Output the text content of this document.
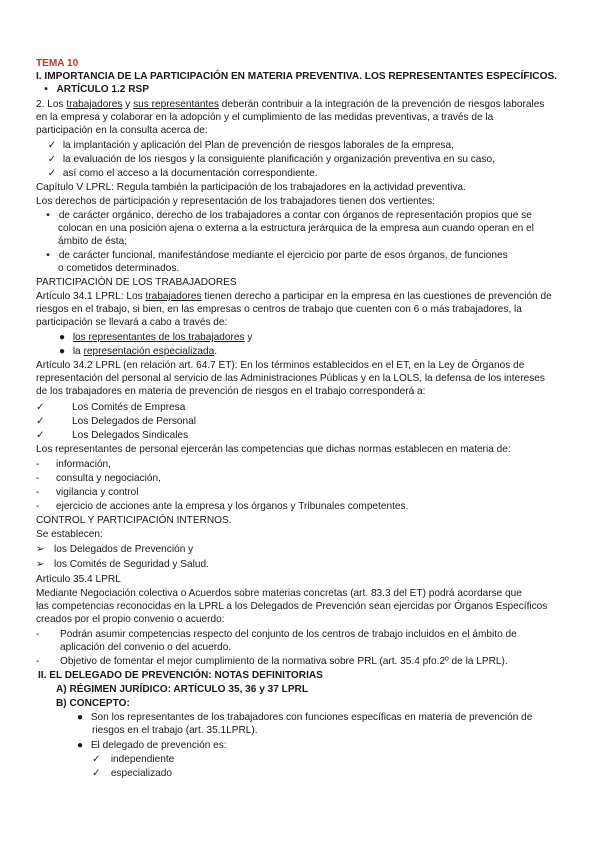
TEMA 10
I. IMPORTANCIA DE LA PARTICIPACIÓN EN MATERIA PREVENTIVA. LOS REPRESENTANTES ESPECÍFICOS.
• ARTÍCULO 1.2 RSP
2. Los trabajadores y sus representantes deberán contribuir a la integración de la prevención de riesgos laborales
en la empresa y colaborar en la adopción y el cumplimiento de las medidas preventivas, a través de la
participación en la consulta acerca de:
✓ la implantación y aplicación del Plan de prevención de riesgos laborales de la empresa,
✓ la evaluación de los riesgos y la consiguiente planificación y organización preventiva en su caso,
✓ así como el acceso a la documentación correspondiente.
Capítulo V LPRL: Regula también la participación de los trabajadores en la actividad preventiva.
Los derechos de participación y representación de los trabajadores tienen dos vertientes:
• de carácter orgánico, derecho de los trabajadores a contar con órganos de representación propios que se
colocan en una posición ajena o externa a la estructura jerárquica de la empresa aun cuando operan en el
ámbito de ésta;
• de carácter funcional, manifestándose mediante el ejercicio por parte de esos órganos, de funciones
o cometidos determinados.
PARTICIPACIÓN DE LOS TRABAJADORES
Artículo 34.1 LPRL: Los trabajadores tienen derecho a participar en la empresa en las cuestiones de prevención de
riesgos en el trabajo, si bien, en las empresas o centros de trabajo que cuenten con 6 o más trabajadores, la
participación se llevará a cabo a través de:
● los representantes de los trabajadores y
● la representación especializada.
Artículo 34.2 LPRL (en relación art. 64.7 ET): En los términos establecidos en el ET, en la Ley de Órganos de
representación del personal al servicio de las Administraciones Públicas y en la LOLS, la defensa de los intereses
de los trabajadores en materia de prevención de riesgos en el trabajo corresponderá a:
✓	Los Comités de Empresa
✓	Los Delegados de Personal
✓	Los Delegados Sindicales
Los representantes de personal ejercerán las competencias que dichas normas establecen en materia de:
- información,
- consulta y negociación,
- vigilancia y control
- ejercicio de acciones ante la empresa y los órganos y Tribunales competentes.
CONTROL Y PARTICIPACIÓN INTERNOS.
Se establecen:
➢ los Delegados de Prevención y
➢ los Comités de Seguridad y Salud.
Artículo 35.4 LPRL
Mediante Negociación colectiva o Acuerdos sobre materias concretas (art. 83.3 del ET) podrá acordarse que
las competencias reconocidas en la LPRL a los Delegados de Prevención sean ejercidas por Órganos Específicos
creados por el propio convenio o acuerdo:
- Podrán asumir competencias respecto del conjunto de los centros de trabajo incluidos en el ámbito de
aplicación del convenio o del acuerdo.
- Objetivo de fomentar el mejor cumplimiento de la normativa sobre PRL (art. 35.4 pfo.2º de la LPRL).
II. EL DELEGADO DE PREVENCIÓN: NOTAS DEFINITORIAS
A) RÉGIMEN JURÍDICO: ARTÍCULO 35, 36 y 37 LPRL
B) CONCEPTO:
● Son los representantes de los trabajadores con funciones específicas en materia de prevención de
riesgos en el trabajo (art. 35.1LPRL).
● El delegado de prevención es:
✓ independiente
✓ especializado
